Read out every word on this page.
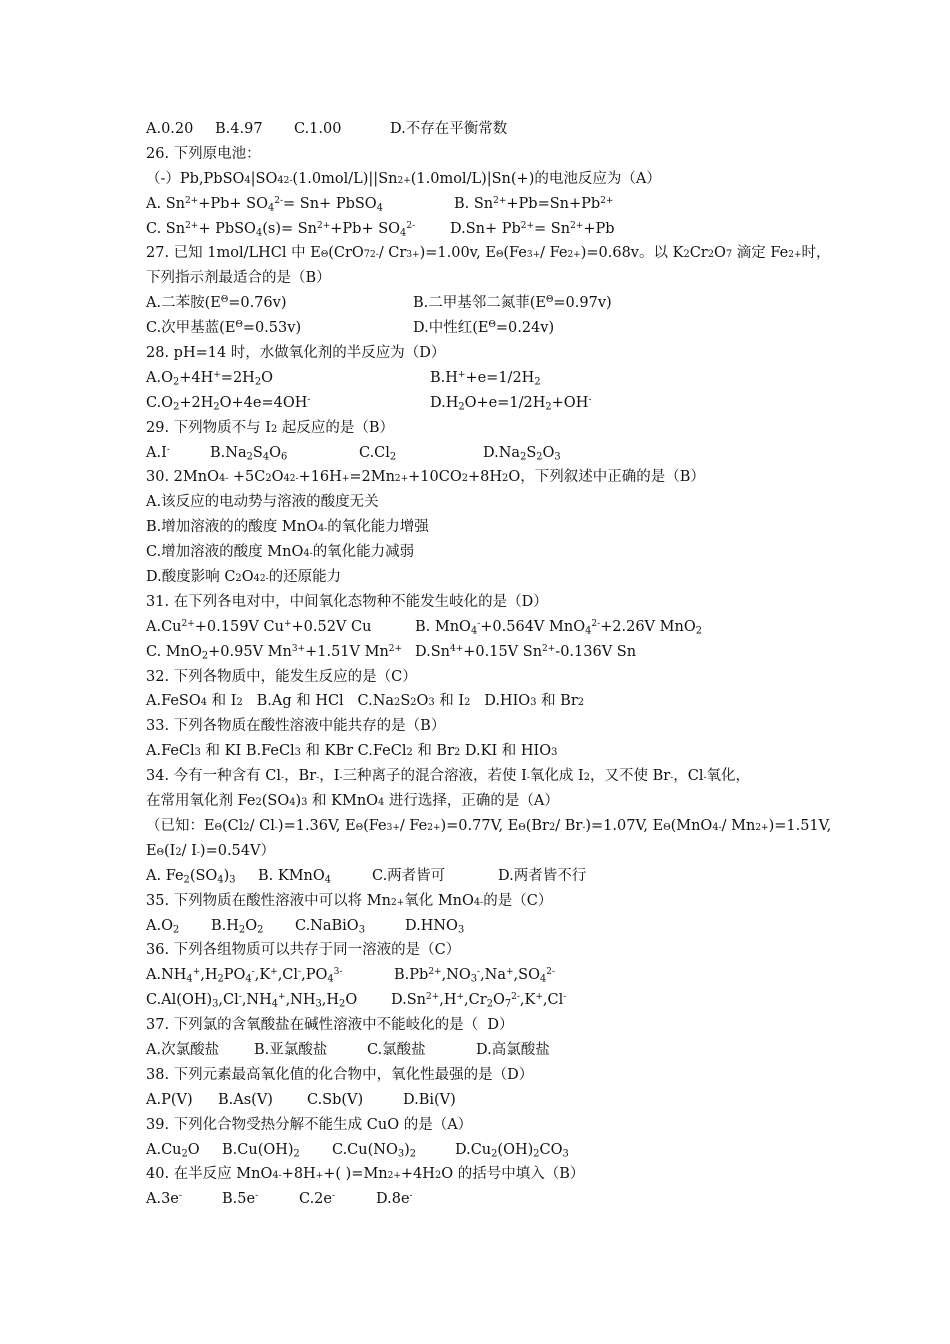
A.0.20	B.4.97	C.1.00	D.不存在平衡常数
26. 下列原电池：
（-）Pb,PbSO 4 |SO 4 2- (1.0mol/L)||Sn 2+ (1.0mol/L)|Sn(+)的电池反应为（A）
A. $Sn^{2+}+Pb+ SO_4^{2-}= Sn+$ PbSO$_4$	B. $Sn^{2+}+Pb=Sn+Pb^{2+}$
C. $Sn^{2+}+$ PbSO$_4$(s)= $Sn^{2+}+Pb+ SO_4^{2-}$	$D.Sn+ Pb^{2+}= Sn^{2+}+Pb$
27. 已知 1mol/LHCl 中 E Θ (CrO 7 2- / Cr 3+ )=1.00v, E Θ (Fe 3+ / Fe 2+ )=0.68v。以 K 2 Cr 2 O 7 滴定 Fe 2+ 时，
下列指示剂最适合的是（B）
A.二苯胺$(E^\Theta=0.76v)$	B.二甲基邻二氮菲$(E^\Theta=0.97v)$
C.次甲基蓝$(E^\Theta=0.53v)$	D.中性红$(E^\Theta=0.24v)$
28. pH=14 时，水做氧化剂的半反应为（D）
$A.O_2+4H^+=2H_2O$	$B.H^++e=1/2H_2$
$C.O_2+2H_2O+4e=4OH^-$	$D.H_2O+e=1/2H_2+OH^-$
29. 下列物质不与 I 2 起反应的是（B）
A.I-	$B.Na_2S_4O_6$	$C.Cl_2$	$D.Na_2S_2O_3$
30. 2MnO 4 - +5C 2 O 4 2- +16H + =2Mn 2+ +10CO 2 +8H 2 O，下列叙述中正确的是（B）
A.该反应的电动势与溶液的酸度无关
B.增加溶液的的酸度 MnO 4 - 的氧化能力增强
C.增加溶液的酸度 MnO 4 - 的氧化能力减弱
D.酸度影响 C 2 O 4 2- 的还原能力
31. 在下列各电对中，中间氧化态物种不能发生岐化的是（D）
$A.Cu^{2+}+0.159V$ Cu++0.52V Cu	B. MnO$_4$-+0.564V MnO$_4^{2-}$+2.26V MnO$_2$
C. MnO$_2$+0.95V $Mn^{3+}+1.51V$ $Mn^{2+}$ $D.Sn^{4+}+0.15V$ $Sn^{2+}-0.136V$ Sn
32. 下列各物质中，能发生反应的是（C）
A.FeSO 4 和 I 2 B.Ag 和 HCl   C.Na 2 S 2 O 3 和 I 2 D.HIO 3 和 Br 2
33. 下列各物质在酸性溶液中能共存的是（B）
A.FeCl 3 和 KI B.FeCl 3 和 KBr C.FeCl 2 和 Br 2 D.KI 和 HIO 3
34. 今有一种含有 Cl - ，Br - ，I - 三种离子的混合溶液，若使 I - 氧化成 I 2 ，又不使 Br - ，Cl - 氧化，
在常用氧化剂 Fe 2 (SO 4 ) 3 和 KMnO 4 进行选择，正确的是（A）
（已知：E Θ (Cl 2 / Cl - )=1.36V, E Θ (Fe 3+ / Fe 2+ )=0.77V, E Θ (Br 2 / Br - )=1.07V, E Θ (MnO 4 - / Mn 2+ )=1.51V,
E Θ (I 2 / I - )=0.54V）
A. $Fe_2(SO_4)_3$	B. KMnO$_4$	C.两者皆可	D.两者皆不行
35. 下列物质在酸性溶液中可以将 Mn 2+ 氧化 MnO 4 - 的是（C）
$A.O_2$	$B.H_2O_2$	C.NaBiO$_3$	$D.HNO_3$
36. 下列各组物质可以共存于同一溶液的是（C）
$A.NH_4^+,H_2PO_4^-,K^+,Cl^-,PO_4^{3-}$	$B.Pb^{2+},NO_3^-,Na^+,SO_4^{2-}$
$C.Al(OH)_3,Cl^-,NH_4^+,NH_3,H_2O$	$D.Sn^{2+},H^+,Cr_2O_7^{2-},K^+,Cl^-$
37. 下列氯的含氧酸盐在碱性溶液中不能岐化的是（  D）
A.次氯酸盐	B.亚氯酸盐	C.氯酸盐	D.高氯酸盐
38. 下列元素最高氧化值的化合物中，氧化性最强的是（D）
A.P(V)	B.As(V)	C.Sb(V)	D.Bi(V)
39. 下列化合物受热分解不能生成 CuO 的是（A）
$A.Cu_2O$	$B.Cu(OH)_2$	$C.Cu(NO_3)_2$	$D.Cu_2(OH)_2CO_3$
40. 在半反应 MnO 4 - +8H + +( )=Mn 2+ +4H 2 O 的括号中填入（B）
A.3e-	B.5e-	C.2e-	D.8e-
